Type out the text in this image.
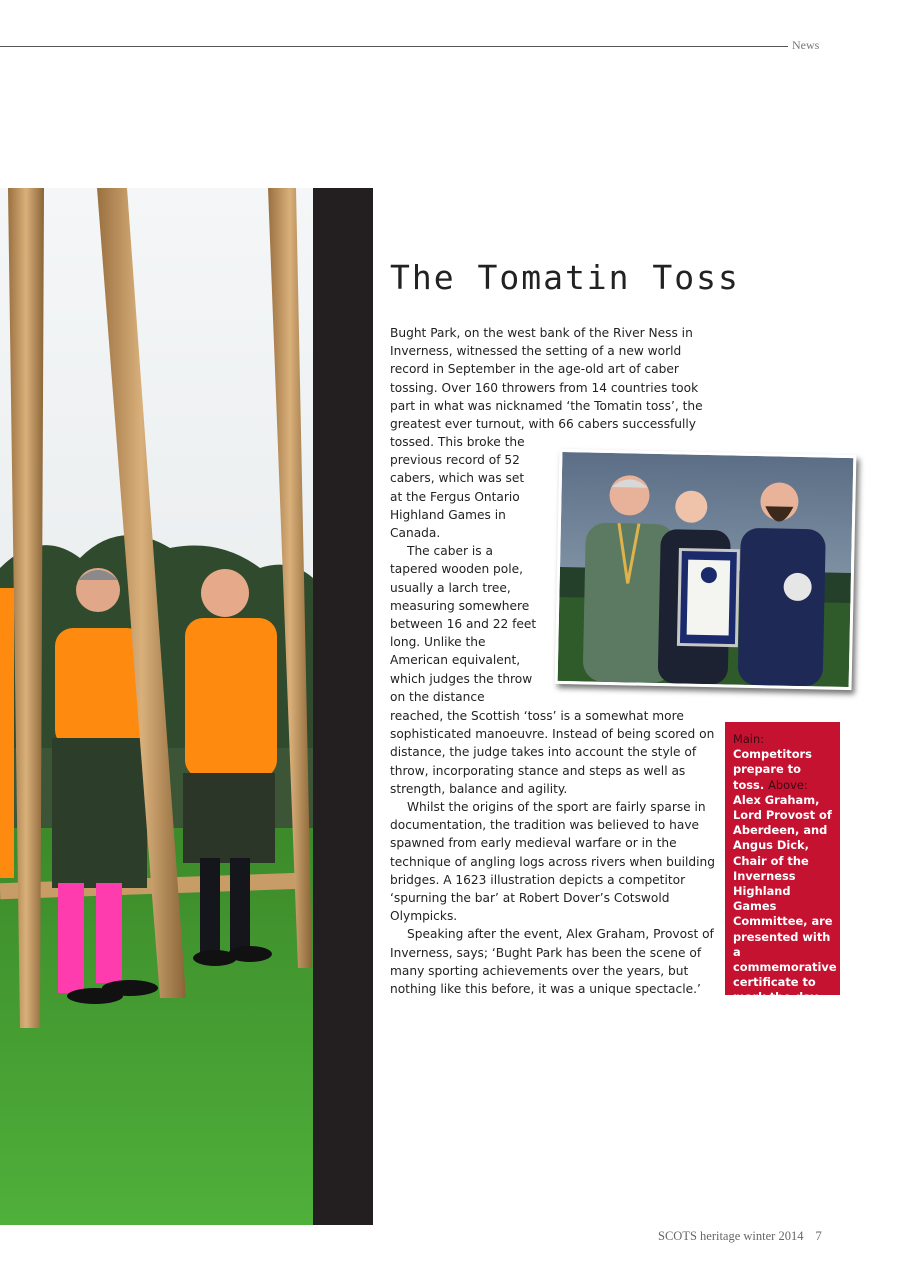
News
The Tomatin Toss

Bught Park, on the west bank of the River Ness in Inverness, witnessed the setting of a new world record in September in the age-old art of caber tossing. Over 160 throwers from 14 countries took part in what was nicknamed ‘the Tomatin toss’, the greatest ever turnout, with 66 cabers successfully

tossed. This broke the previous record of 52 cabers, which was set at the Fergus Ontario Highland Games in Canada.

The caber is a tapered wooden pole, usually a larch tree, measuring somewhere between 16 and 22 feet long. Unlike the American equivalent, which judges the throw on the distance

reached, the Scottish ‘toss’ is a somewhat more sophisticated manoeuvre. Instead of being scored on distance, the judge takes into account the style of throw, incorporating stance and steps as well as strength, balance and agility.

Whilst the origins of the sport are fairly sparse in documentation, the tradition was believed to have spawned from early medieval warfare or in the technique of angling logs across rivers when building bridges. A 1623 illustration depicts a competitor ‘spurning the bar’ at Robert Dover’s Cotswold Olympicks.

Speaking after the event, Alex Graham, Provost of Inverness, says; ‘Bught Park has been the scene of many sporting achievements over the years, but nothing like this before, it was a unique spectacle.’

Main: Competitors prepare to toss. Above: Alex Graham, Lord Provost of Aberdeen, and Angus Dick, Chair of the Inverness Highland Games Committee, are presented with a commemorative certificate to mark the day by Jack Brockbank, from Guinness World Records.
SCOTS heritage winter 2014 7
